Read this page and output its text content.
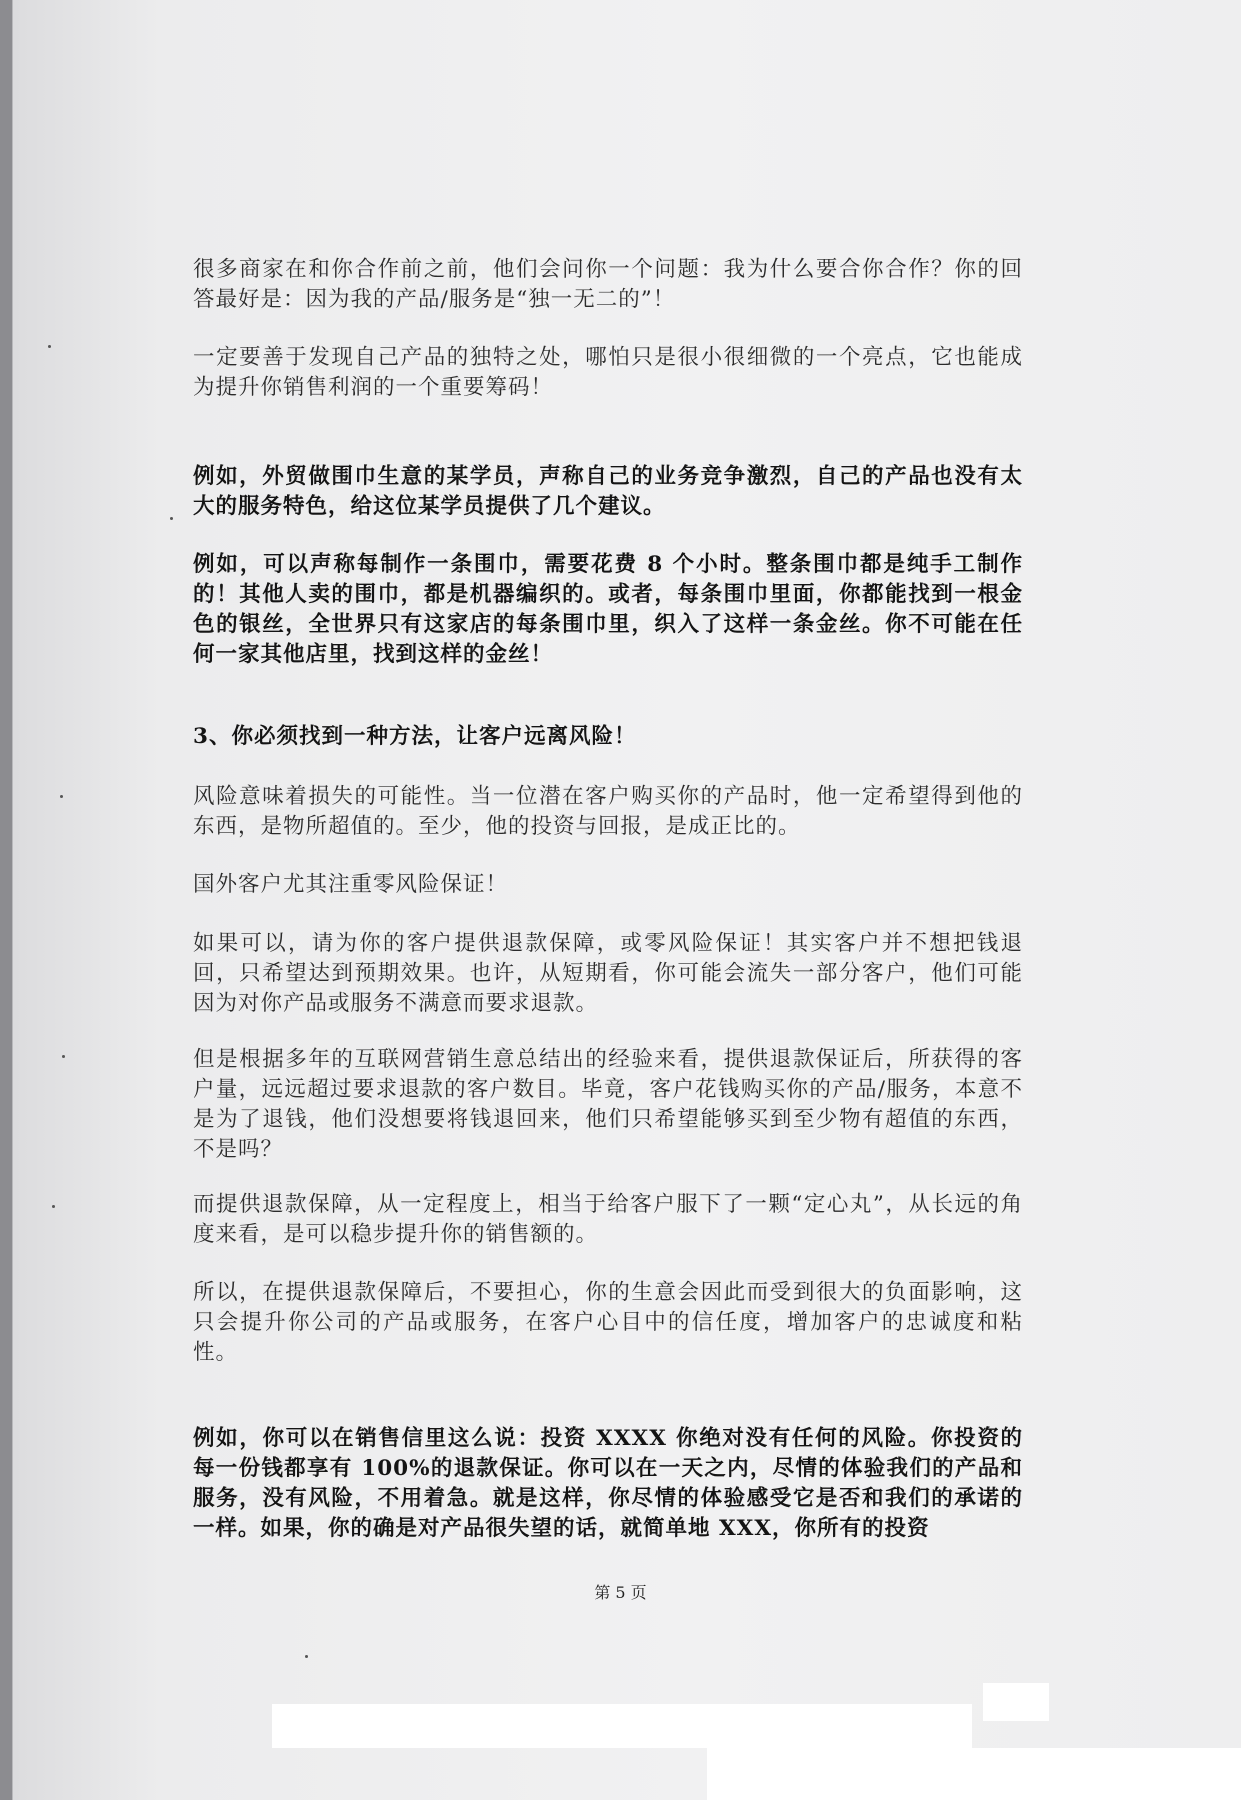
很多商家在和你合作前之前，他们会问你一个问题：我为什么要合你合作？你的回答最好是：因为我的产品/服务是“独一无二的”！

一定要善于发现自己产品的独特之处，哪怕只是很小很细微的一个亮点，它也能成为提升你销售利润的一个重要筹码！

例如，外贸做围巾生意的某学员，声称自己的业务竞争激烈，自己的产品也没有太大的服务特色，给这位某学员提供了几个建议。

例如，可以声称每制作一条围巾，需要花费 8 个小时。整条围巾都是纯手工制作的！其他人卖的围巾，都是机器编织的。或者，每条围巾里面，你都能找到一根金色的银丝，全世界只有这家店的每条围巾里，织入了这样一条金丝。你不可能在任何一家其他店里，找到这样的金丝！

3、你必须找到一种方法，让客户远离风险！

风险意味着损失的可能性。当一位潜在客户购买你的产品时，他一定希望得到他的东西，是物所超值的。至少，他的投资与回报，是成正比的。

国外客户尤其注重零风险保证！

如果可以，请为你的客户提供退款保障，或零风险保证！其实客户并不想把钱退回，只希望达到预期效果。也许，从短期看，你可能会流失一部分客户，他们可能因为对你产品或服务不满意而要求退款。

但是根据多年的互联网营销生意总结出的经验来看，提供退款保证后，所获得的客户量，远远超过要求退款的客户数目。毕竟，客户花钱购买你的产品/服务，本意不是为了退钱，他们没想要将钱退回来，他们只希望能够买到至少物有超值的东西，不是吗？

而提供退款保障，从一定程度上，相当于给客户服下了一颗“定心丸”，从长远的角度来看，是可以稳步提升你的销售额的。

所以，在提供退款保障后，不要担心，你的生意会因此而受到很大的负面影响，这只会提升你公司的产品或服务，在客户心目中的信任度，增加客户的忠诚度和粘性。

例如，你可以在销售信里这么说：投资 XXXX 你绝对没有任何的风险。你投资的每一份钱都享有 100%的退款保证。你可以在一天之内，尽情的体验我们的产品和服务，没有风险，不用着急。就是这样，你尽情的体验感受它是否和我们的承诺的一样。如果，你的确是对产品很失望的话，就简单地 XXX，你所有的投资

第 5 页
